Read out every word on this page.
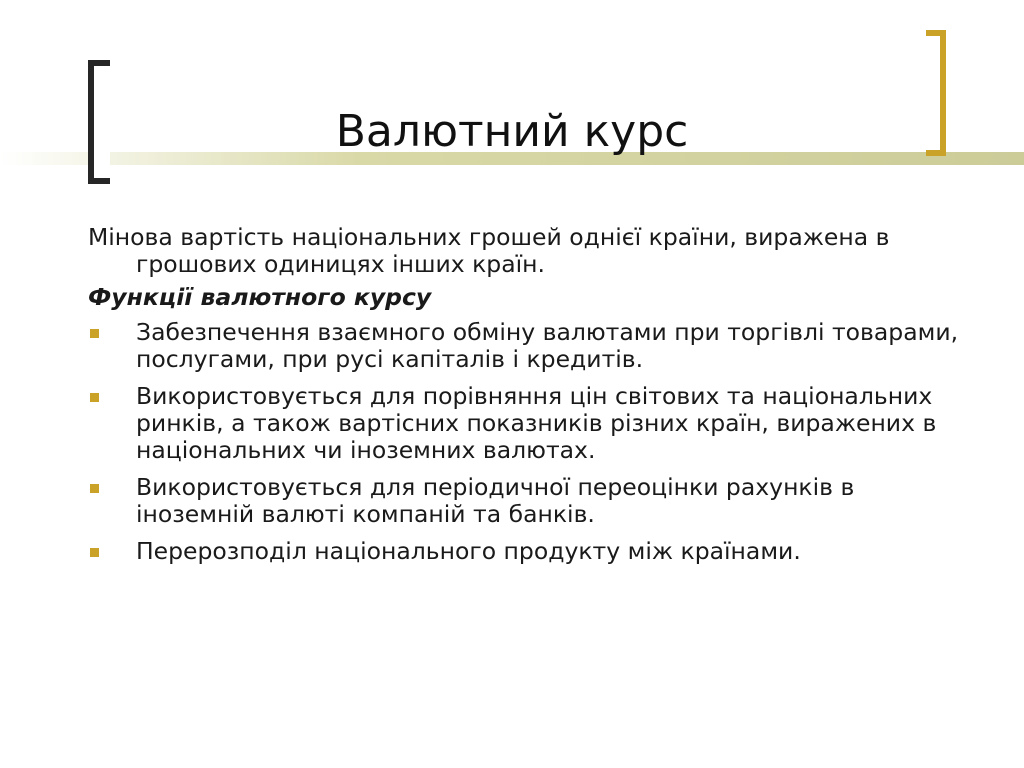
Валютний курс

Мінова вартість національних грошей однієї країни, виражена в грошових одиницях інших країн.

Функції валютного курсу

Забезпечення взаємного обміну валютами при торгівлі товарами, послугами, при русі капіталів і кредитів.
Використовується для порівняння цін світових та національних ринків, а також вартісних показників різних країн, виражених в національних чи іноземних валютах.
Використовується для періодичної переоцінки рахунків в іноземній валюті компаній та банків.
Перерозподіл національного продукту між країнами.
